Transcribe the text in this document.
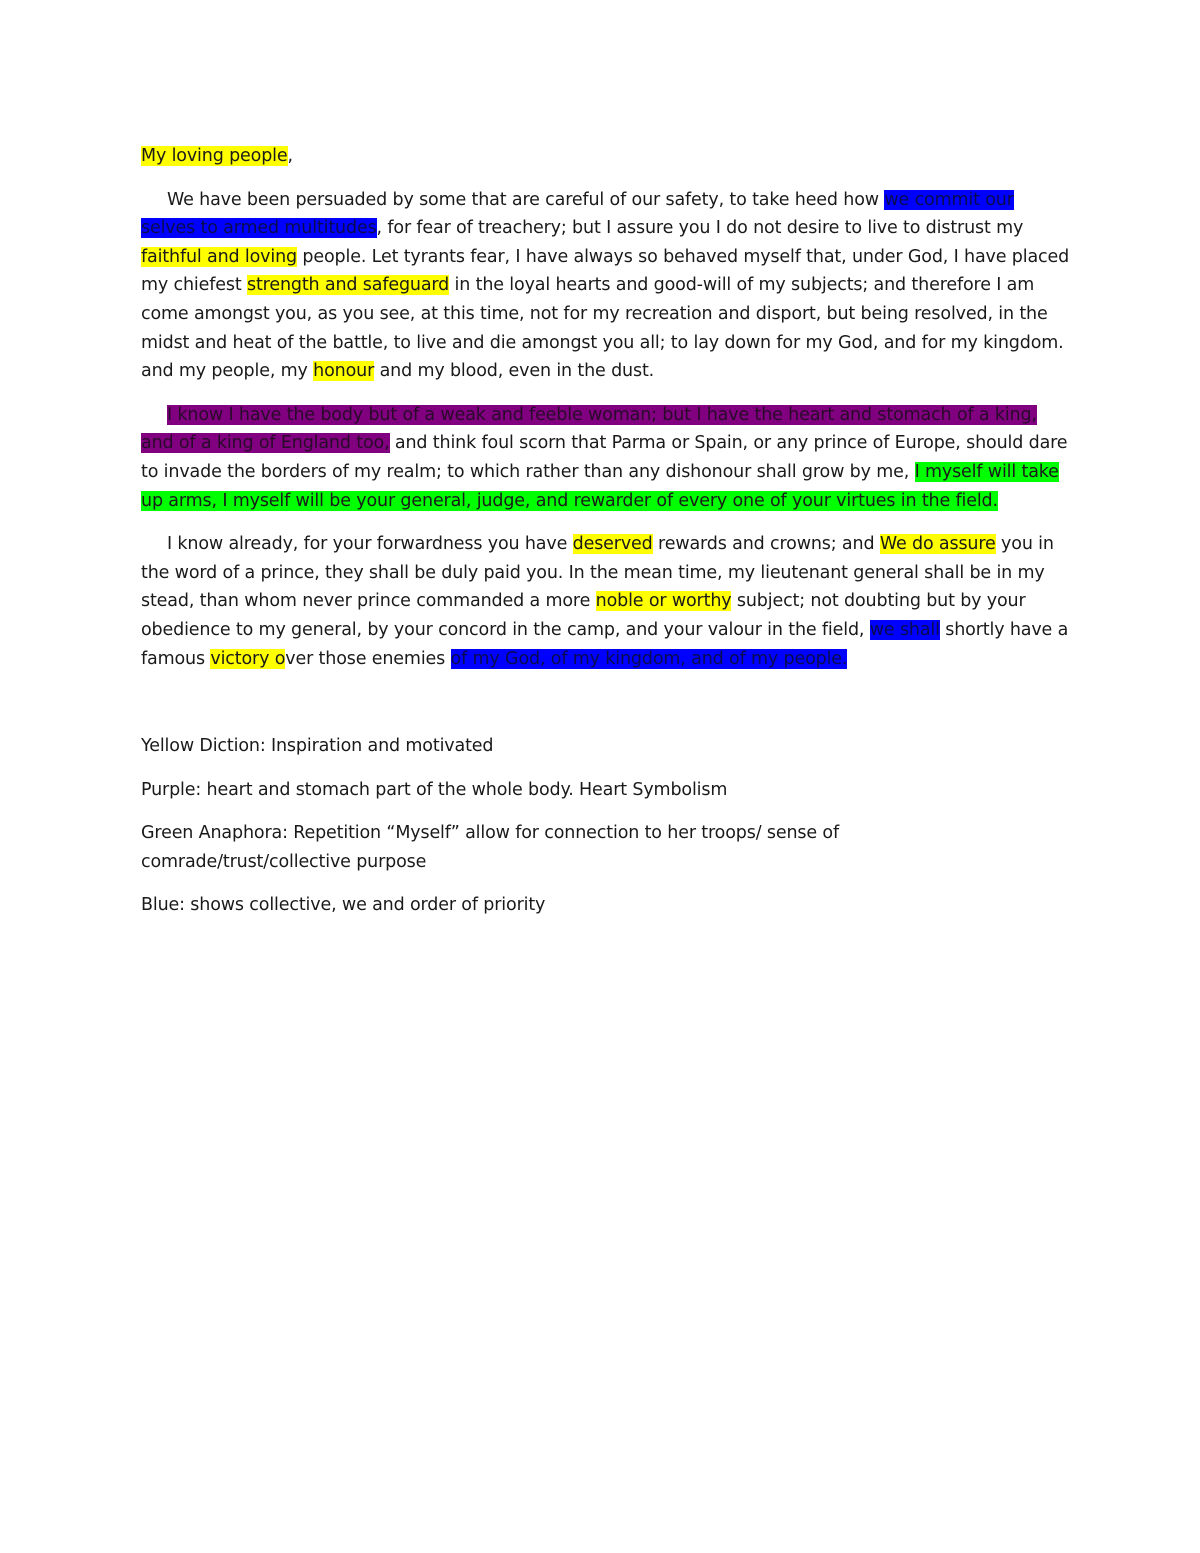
My loving people,

We have been persuaded by some that are careful of our safety, to take heed how we commit our selves to armed multitudes, for fear of treachery; but I assure you I do not desire to live to distrust my faithful and loving people. Let tyrants fear, I have always so behaved myself that, under God, I have placed my chiefest strength and safeguard in the loyal hearts and good-will of my subjects; and therefore I am come amongst you, as you see, at this time, not for my recreation and disport, but being resolved, in the midst and heat of the battle, to live and die amongst you all; to lay down for my God, and for my kingdom. and my people, my honour and my blood, even in the dust.

I know I have the body but of a weak and feeble woman; but I have the heart and stomach of a king, and of a king of England too, and think foul scorn that Parma or Spain, or any prince of Europe, should dare to invade the borders of my realm; to which rather than any dishonour shall grow by me, I myself will take up arms, I myself will be your general, judge, and rewarder of every one of your virtues in the field.

I know already, for your forwardness you have deserved rewards and crowns; and We do assure you in the word of a prince, they shall be duly paid you. In the mean time, my lieutenant general shall be in my stead, than whom never prince commanded a more noble or worthy subject; not doubting but by your obedience to my general, by your concord in the camp, and your valour in the field, we shall shortly have a famous victory over those enemies of my God, of my kingdom, and of my people.

Yellow Diction: Inspiration and motivated

Purple: heart and stomach part of the whole body. Heart Symbolism

Green Anaphora: Repetition “Myself” allow for connection to her troops/ sense of comrade/trust/collective purpose

Blue: shows collective, we and order of priority
